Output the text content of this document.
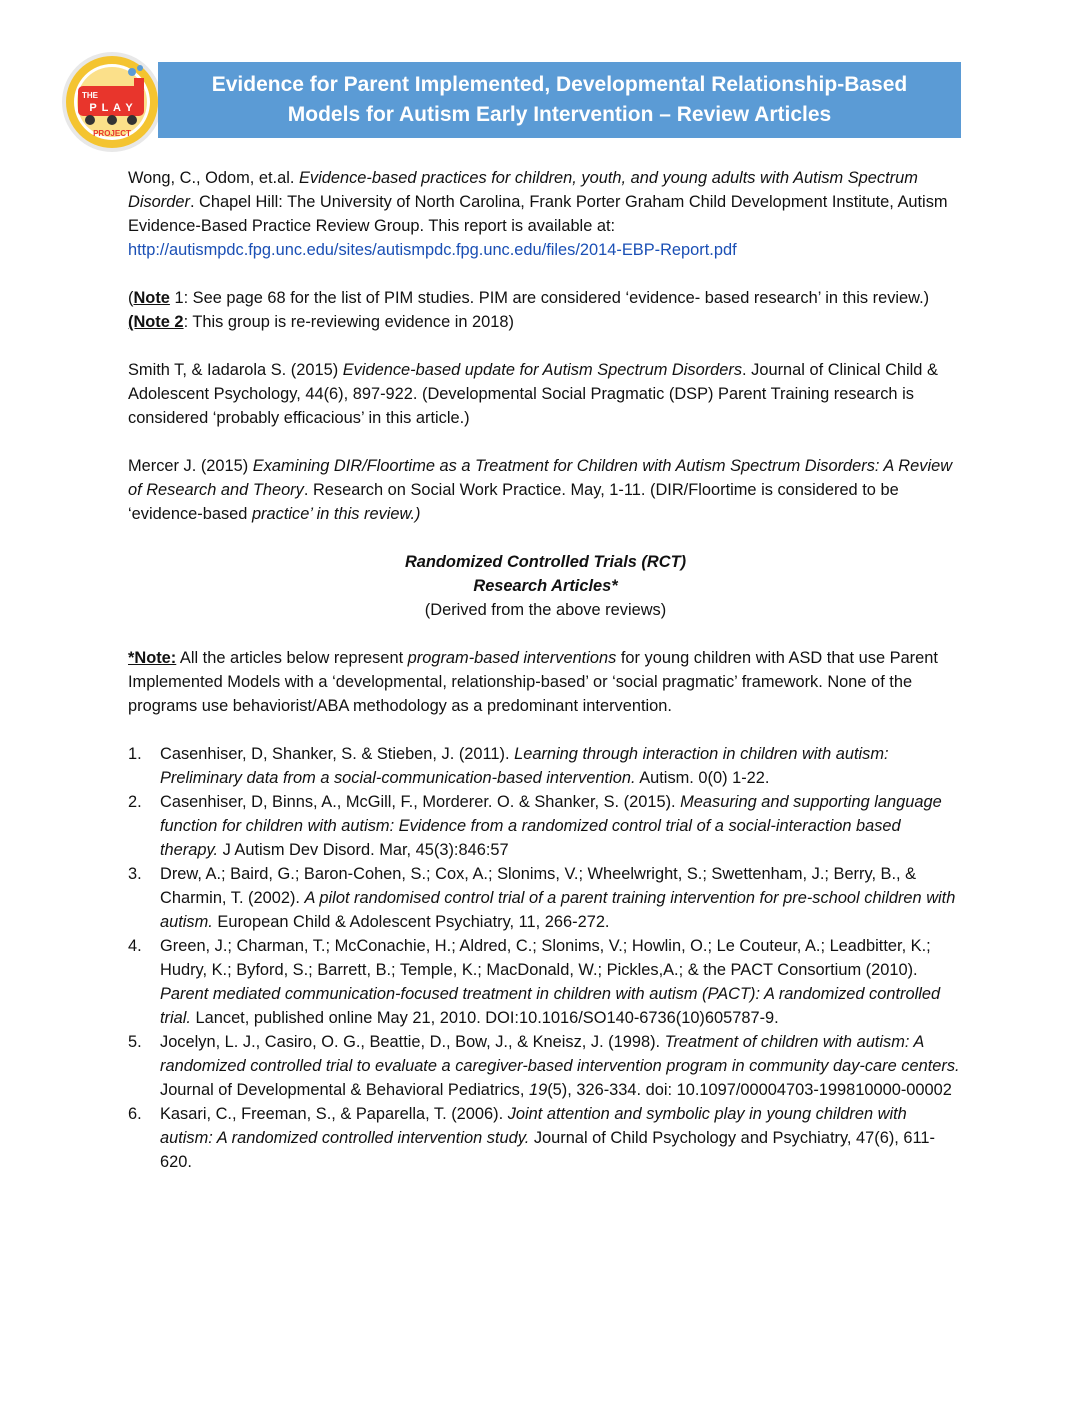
THE
P L A Y
PROJECT
Evidence for Parent Implemented, Developmental Relationship-Based
Models for Autism Early Intervention – Review Articles

Wong, C., Odom, et.al. Evidence-based practices for children, youth, and young adults with Autism Spectrum Disorder. Chapel Hill: The University of North Carolina, Frank Porter Graham Child Development Institute, Autism Evidence-Based Practice Review Group. This report is available at:
http://autismpdc.fpg.unc.edu/sites/autismpdc.fpg.unc.edu/files/2014-EBP-Report.pdf

(Note 1: See page 68 for the list of PIM studies. PIM are considered ‘evidence- based research’ in this review.)
(Note 2: This group is re-reviewing evidence in 2018)

Smith T, & Iadarola S. (2015) Evidence-based update for Autism Spectrum Disorders. Journal of Clinical Child & Adolescent Psychology, 44(6), 897-922. (Developmental Social Pragmatic (DSP) Parent Training research is considered ‘probably efficacious’ in this article.)

Mercer J. (2015) Examining DIR/Floortime as a Treatment for Children with Autism Spectrum Disorders: A Review of Research and Theory. Research on Social Work Practice. May, 1-11. (DIR/Floortime is considered to be ‘evidence-based practice’ in this review.)

Randomized Controlled Trials (RCT)
Research Articles*
(Derived from the above reviews)

*Note: All the articles below represent program-based interventions for young children with ASD that use Parent Implemented Models with a ‘developmental, relationship-based’ or ‘social pragmatic’ framework. None of the programs use behaviorist/ABA methodology as a predominant intervention.

1. Casenhiser, D, Shanker, S. & Stieben, J. (2011). Learning through interaction in children with autism: Preliminary data from a social-communication-based intervention. Autism. 0(0) 1-22.
2. Casenhiser, D, Binns, A., McGill, F., Morderer. O. & Shanker, S. (2015). Measuring and supporting language function for children with autism: Evidence from a randomized control trial of a social-interaction based therapy. J Autism Dev Disord. Mar, 45(3):846:57
3. Drew, A.; Baird, G.; Baron-Cohen, S.; Cox, A.; Slonims, V.; Wheelwright, S.; Swettenham, J.; Berry, B., & Charmin, T. (2002). A pilot randomised control trial of a parent training intervention for pre-school children with autism. European Child & Adolescent Psychiatry, 11, 266-272.
4. Green, J.; Charman, T.; McConachie, H.; Aldred, C.; Slonims, V.; Howlin, O.; Le Couteur, A.; Leadbitter, K.; Hudry, K.; Byford, S.; Barrett, B.; Temple, K.; MacDonald, W.; Pickles,A.; & the PACT Consortium (2010). Parent mediated communication-focused treatment in children with autism (PACT): A randomized controlled trial. Lancet, published online May 21, 2010. DOI:10.1016/SO140-6736(10)605787-9.
5. Jocelyn, L. J., Casiro, O. G., Beattie, D., Bow, J., & Kneisz, J. (1998). Treatment of children with autism: A randomized controlled trial to evaluate a caregiver-based intervention program in community day-care centers. Journal of Developmental & Behavioral Pediatrics, 19(5), 326-334. doi: 10.1097/00004703-199810000-00002
6. Kasari, C., Freeman, S., & Paparella, T. (2006). Joint attention and symbolic play in young children with autism: A randomized controlled intervention study. Journal of Child Psychology and Psychiatry, 47(6), 611-620.
